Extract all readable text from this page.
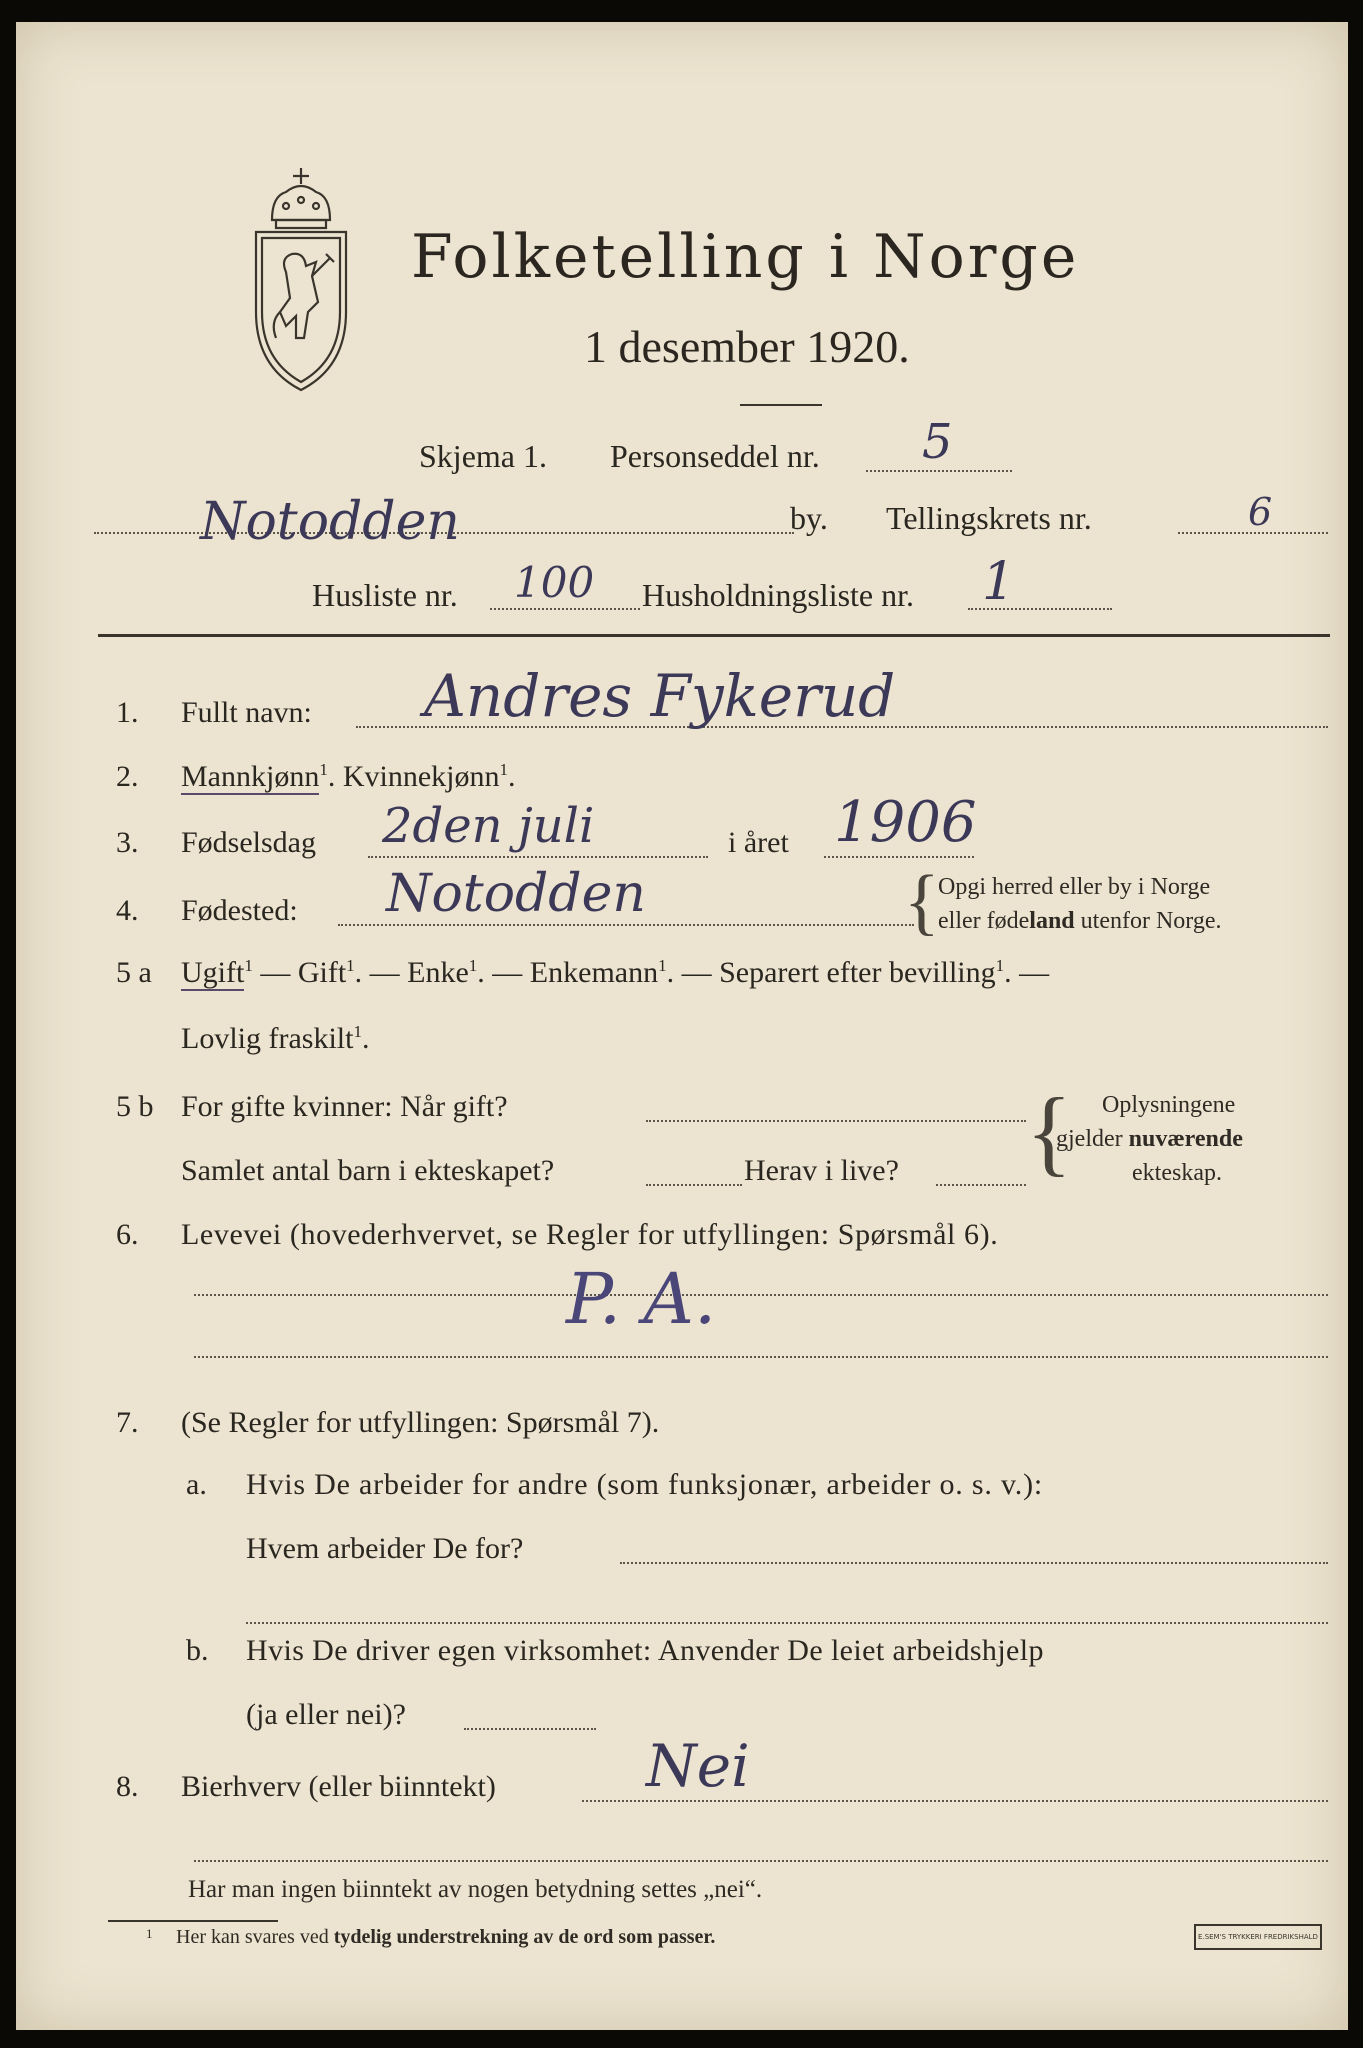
Folketelling i Norge
1 desember 1920.
Skjema 1. Personseddel nr. 5
Notodden	by. Tellingskrets nr.	6
Husliste nr. 100 Husholdningsliste nr. 1
1. Fullt navn: Andres Fykerud
2. Mannkjønn$^1$. Kvinnekjønn$^1$.
3. Fødselsdag 2den juli	i året 1906
4. Fødested: Notodden	{
Opgi herred eller by i Norge
eller fødeland utenfor Norge.
5 a Ugift$^1$ — Gift$^1$. — Enke$^1$. — Enkemann$^1$. — Separert efter bevilling$^1$. —
Lovlig fraskilt$^1$.
5 b For gifte kvinner: Når gift?
Samlet antal barn i ekteskapet?	Herav i live? { Oplysningene
gjelder nuværende
ekteskap.
6. Levevei (hovederhvervet, se Regler for utfyllingen: Spørsmål 6).
P. A.
7. (Se Regler for utfyllingen: Spørsmål 7).
a. Hvis De arbeider for andre (som funksjonær, arbeider o. s. v.):
Hvem arbeider De for?
b. Hvis De driver egen virksomhet: Anvender De leiet arbeidshjelp
(ja eller nei)?
8. Bierhverv (eller biinntekt)	Nei
Har man ingen biinntekt av nogen betydning settes „nei“.
1 Her kan svares ved tydelig understrekning av de ord som passer.	E.SEM'S TRYKKERI FREDRIKSHALD
